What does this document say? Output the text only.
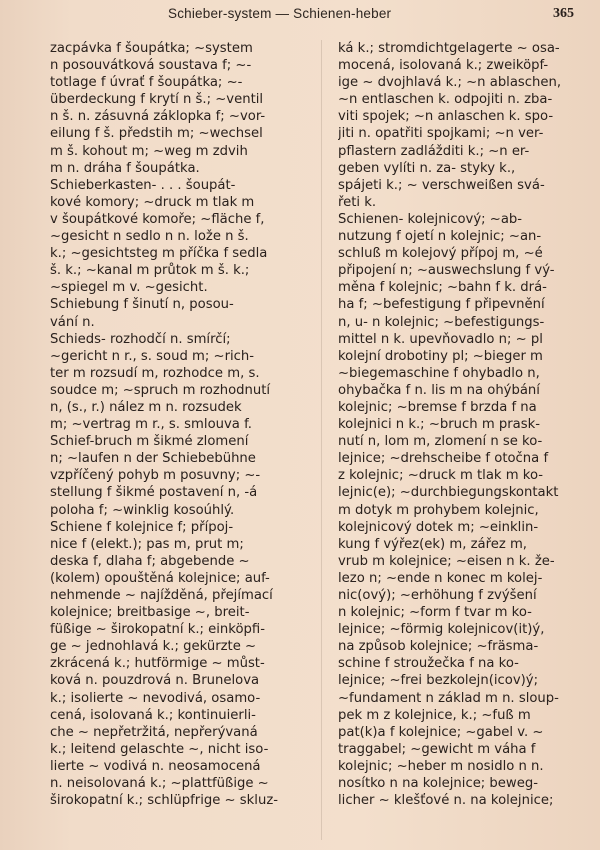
Schieber-system — Schienen-heber	365
zacpávka f šoupátka; ~system
n posouvátková soustava f; ~-
totlage f úvrať f šoupátka; ~-
überdeckung f krytí n š.; ~ventil
n š. n. zásuvná záklopka f; ~vor-
eilung f š. předstih m; ~wechsel
m š. kohout m; ~weg m zdvih
m n. dráha f šoupátka.
Schieberkasten- . . . šoupát-
kové komory; ~druck m tlak m
v šoupátkové komoře; ~fläche f,
~gesicht n sedlo n n. lože n š.
k.; ~gesichtsteg m příčka f sedla
š. k.; ~kanal m průtok m š. k.;
~spiegel m v. ~gesicht.
Schiebung f šinutí n, posou-
vání n.
Schieds- rozhodčí n. smírčí;
~gericht n r., s. soud m; ~rich-
ter m rozsudí m, rozhodce m, s.
soudce m; ~spruch m rozhodnutí
n, (s., r.) nález m n. rozsudek
m; ~vertrag m r., s. smlouva f.
Schief-bruch m šikmé zlomení
n; ~laufen n der Schiebebühne
vzpříčený pohyb m posuvny; ~-
stellung f šikmé postavení n, -á
poloha f; ~winklig kosoúhlý.
Schiene f kolejnice f; přípoj-
nice f (elekt.); pas m, prut m;
deska f, dlaha f; abgebende ~
(kolem) opouštěná kolejnice; auf-
nehmende ~ najížděná, přejímací
kolejnice; breitbasige ~, breit-
füßige ~ širokopatní k.; einköpfi-
ge ~ jednohlavá k.; gekürzte ~
zkrácená k.; hutförmige ~ můst-
ková n. pouzdrová n. Brunelova
k.; isolierte ~ nevodivá, osamo-
cená, isolovaná k.; kontinuierli-
che ~ nepřetržitá, nepřerývaná
k.; leitend gelaschte ~, nicht iso-
lierte ~ vodivá n. neosamocená
n. neisolovaná k.; ~plattfüßige ~
širokopatní k.; schlüpfrige ~ skluz-
ká k.; stromdichtgelagerte ~ osa-
mocená, isolovaná k.; zweiköpf-
ige ~ dvojhlavá k.; ~n ablaschen,
~n entlaschen k. odpojiti n. zba-
viti spojek; ~n anlaschen k. spo-
jiti n. opatřiti spojkami; ~n ver-
pflastern zadlážditi k.; ~n er-
geben vylíti n. za- styky k.,
spájeti k.; ~ verschweißen svá-
řeti k.
Schienen- kolejnicový; ~ab-
nutzung f ojetí n kolejnic; ~an-
schluß m kolejový přípoj m, ~é
připojení n; ~auswechslung f vý-
měna f kolejnic; ~bahn f k. drá-
ha f; ~befestigung f připevnění
n, u- n kolejnic; ~befestigungs-
mittel n k. upevňovadlo n; ~ pl
kolejní drobotiny pl; ~bieger m
~biegemaschine f ohybadlo n,
ohybačka f n. lis m na ohýbání
kolejnic; ~bremse f brzda f na
kolejnici n k.; ~bruch m prask-
nutí n, lom m, zlomení n se ko-
lejnice; ~drehscheibe f otočna f
z kolejnic; ~druck m tlak m ko-
lejnic(e); ~durchbiegungskontakt
m dotyk m prohybem kolejnic,
kolejnicový dotek m; ~einklin-
kung f výřez(ek) m, zářez m,
vrub m kolejnice; ~eisen n k. že-
lezo n; ~ende n konec m kolej-
nic(ový); ~erhöhung f zvýšení
n kolejnic; ~form f tvar m ko-
lejnice; ~förmig kolejnicov(it)ý,
na způsob kolejnice; ~fräsma-
schine f stroužečka f na ko-
lejnice; ~frei bezkolejn(icov)ý;
~fundament n základ m n. sloup-
pek m z kolejnice, k.; ~fuß m
pat(k)a f kolejnice; ~gabel v. ~
traggabel; ~gewicht m váha f
kolejnic; ~heber m nosidlo n n.
nosítko n na kolejnice; beweg-
licher ~ klešťové n. na kolejnice;
